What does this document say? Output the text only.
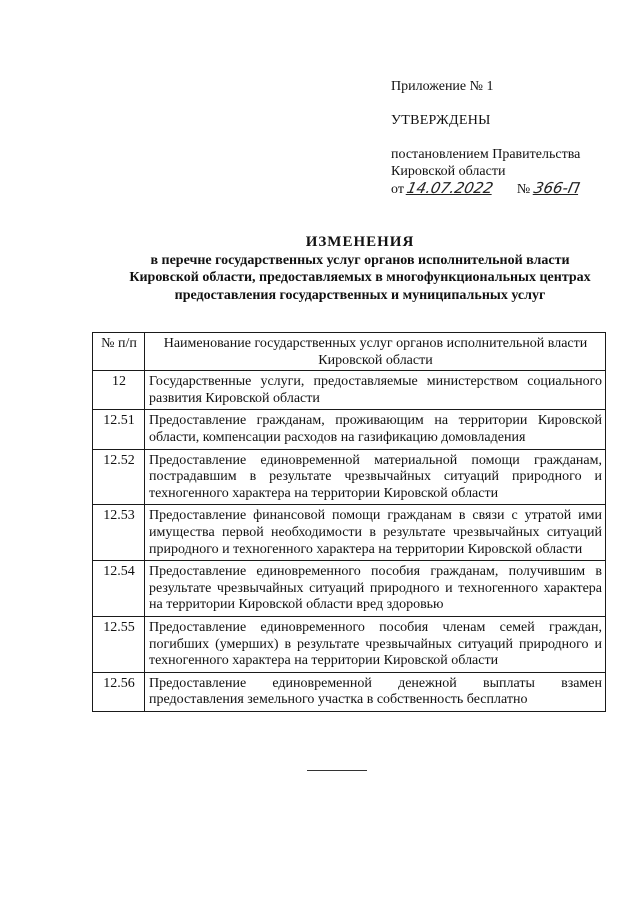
Приложение № 1
УТВЕРЖДЕНЫ
постановлением Правительства
Кировской области
от 14.07.2022 № 366-П
ИЗМЕНЕНИЯ
в перечне государственных услуг органов исполнительной власти
Кировской области, предоставляемых в многофункциональных центрах
предоставления государственных и муниципальных услуг
№ п/п	Наименование государственных услуг органов исполнительной власти Кировской области
12	Государственные услуги, предоставляемые министерством социального развития Кировской области
12.51	Предоставление гражданам, проживающим на территории Кировской области, компенсации расходов на газификацию домовладения
12.52	Предоставление единовременной материальной помощи гражданам, пострадавшим в результате чрезвычайных ситуаций природного и техногенного характера на территории Кировской области
12.53	Предоставление финансовой помощи гражданам в связи с утратой ими имущества первой необходимости в результате чрезвычайных ситуаций природного и техногенного характера на территории Кировской области
12.54	Предоставление единовременного пособия гражданам, получившим в результате чрезвычайных ситуаций природного и техногенного характера на территории Кировской области вред здоровью
12.55	Предоставление единовременного пособия членам семей граждан, погибших (умерших) в результате чрезвычайных ситуаций природного и техногенного характера на территории Кировской области
12.56	Предоставление единовременной денежной выплаты взамен предоставления земельного участка в собственность бесплатно
